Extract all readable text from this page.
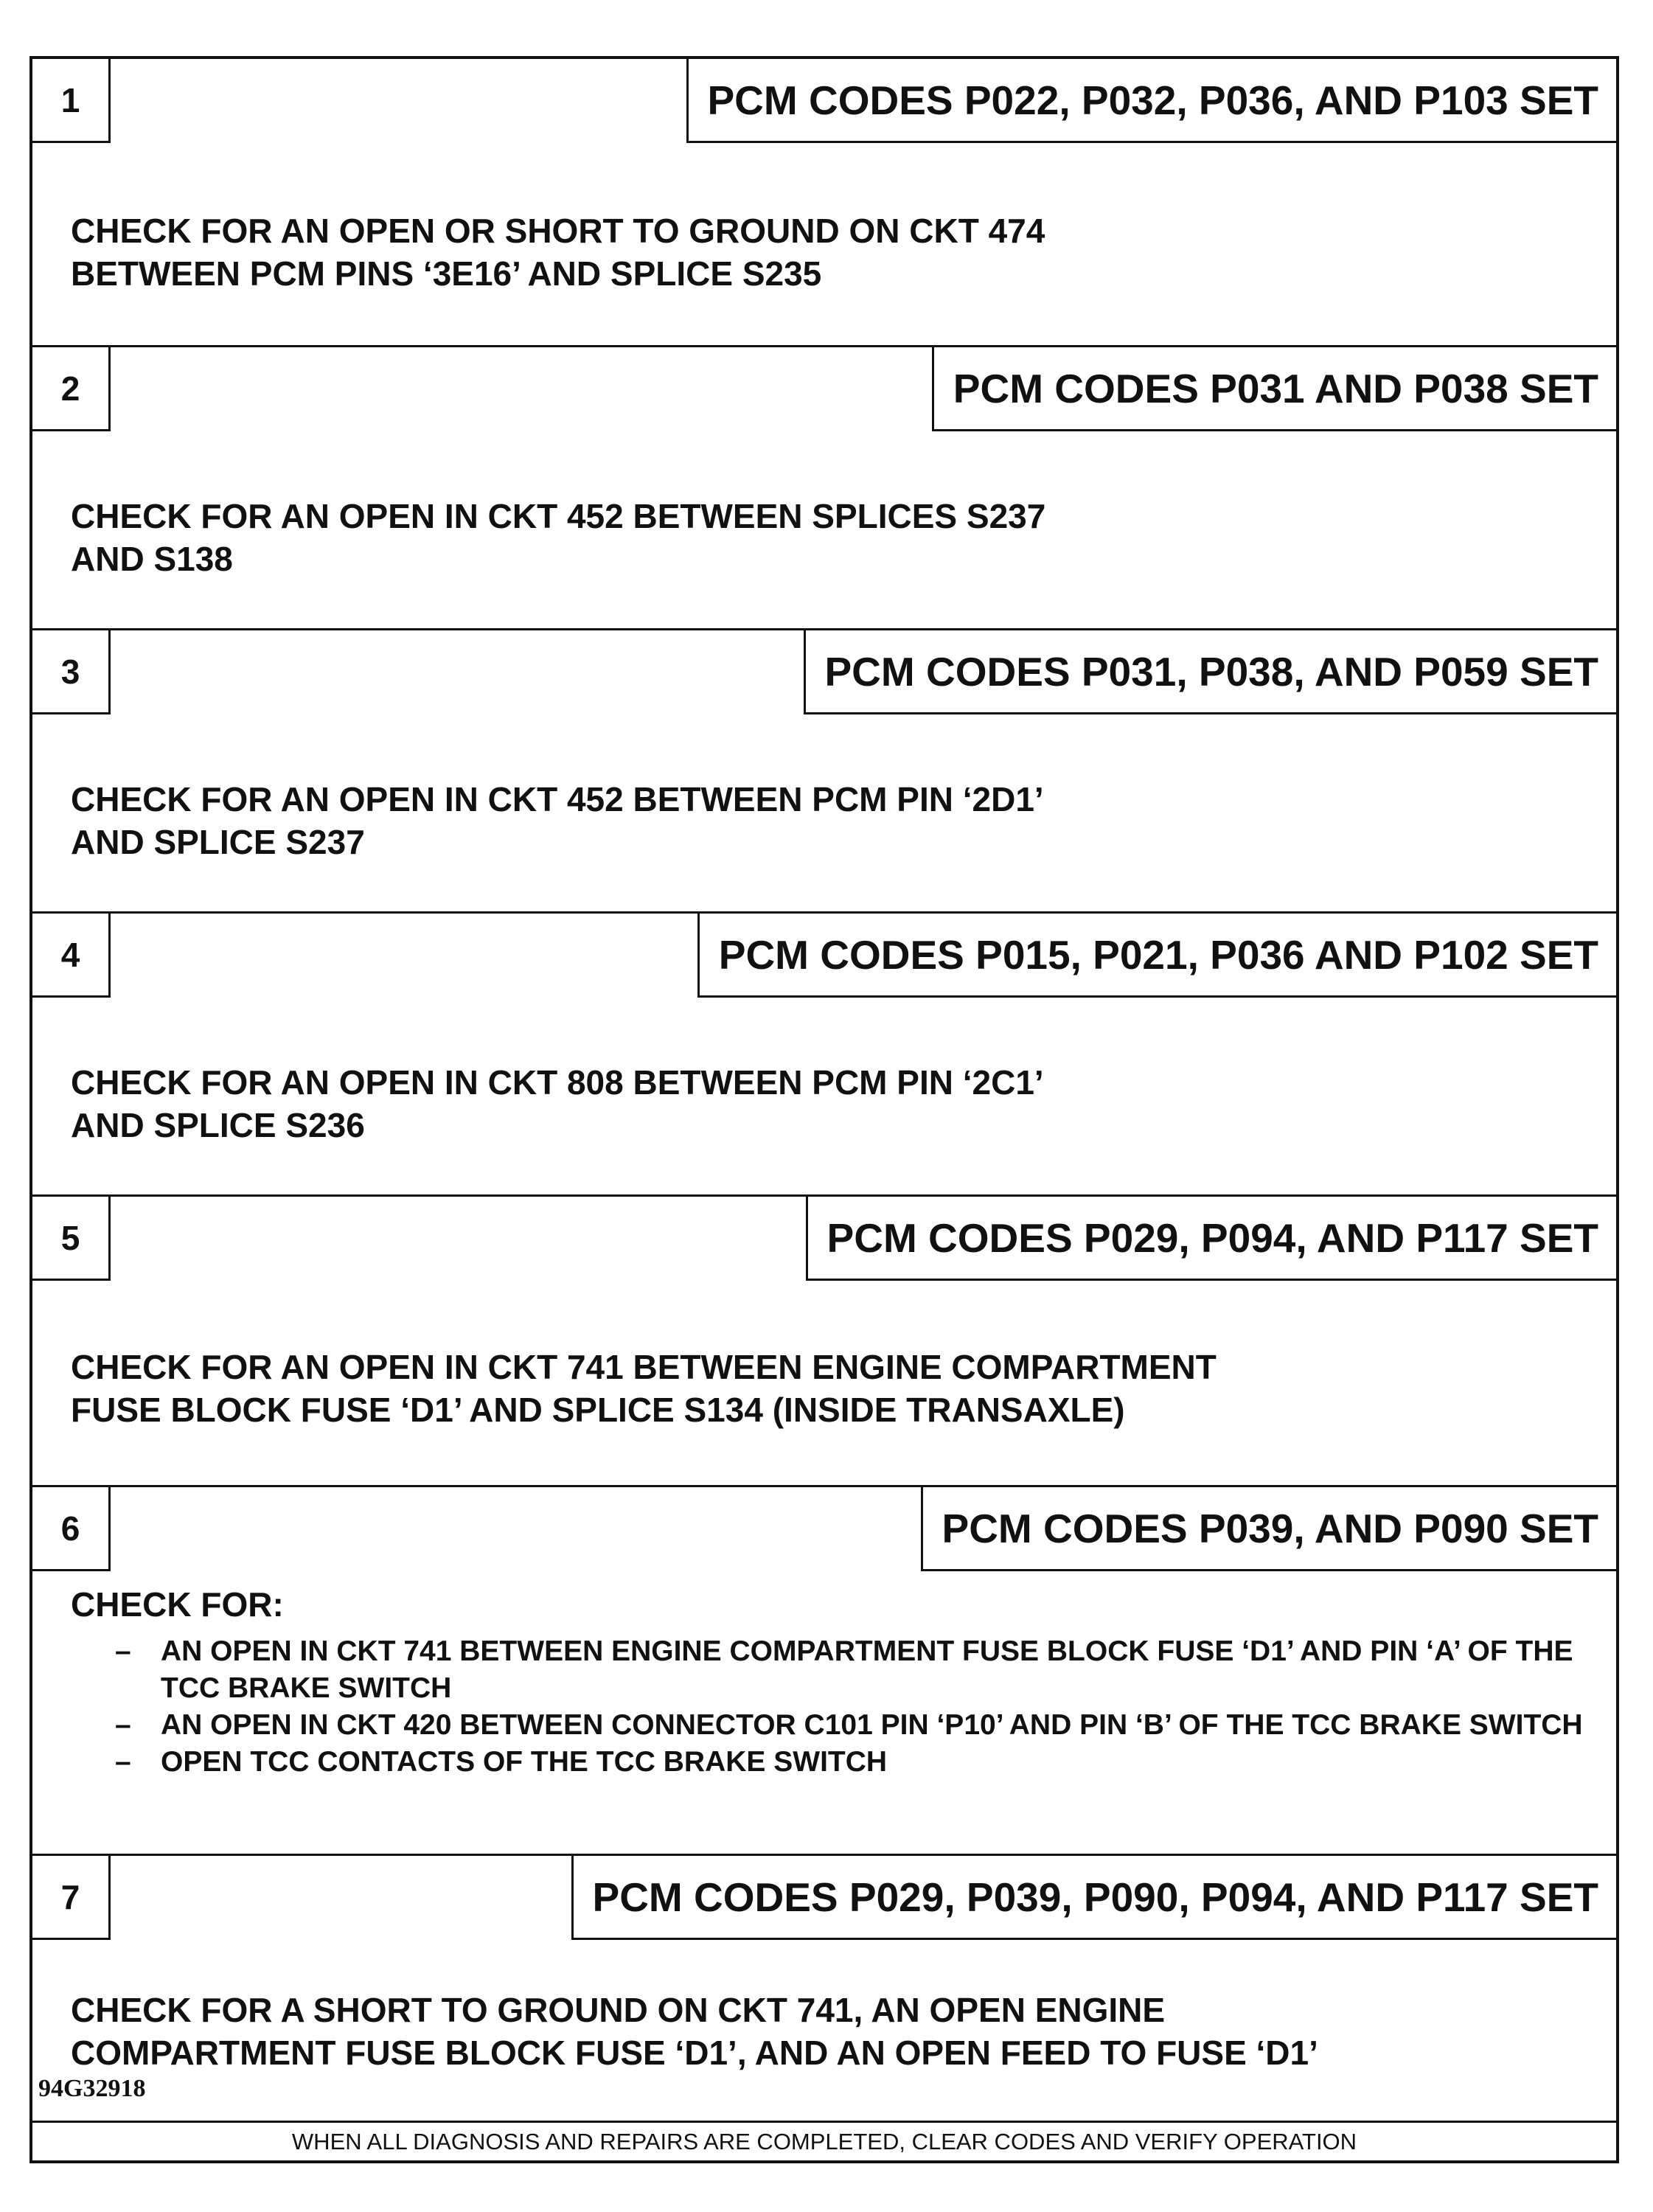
1	PCM CODES P022, P032, P036, AND P103 SET

CHECK FOR AN OPEN OR SHORT TO GROUND ON CKT 474

BETWEEN PCM PINS ‘3E16’ AND SPLICE S235

2	PCM CODES P031 AND P038 SET

CHECK FOR AN OPEN IN CKT 452 BETWEEN SPLICES S237

AND S138

3	PCM CODES P031, P038, AND P059 SET

CHECK FOR AN OPEN IN CKT 452 BETWEEN PCM PIN ‘2D1’

AND SPLICE S237

4	PCM CODES P015, P021, P036 AND P102 SET

CHECK FOR AN OPEN IN CKT 808 BETWEEN PCM PIN ‘2C1’

AND SPLICE S236

5	PCM CODES P029, P094, AND P117 SET

CHECK FOR AN OPEN IN CKT 741 BETWEEN ENGINE COMPARTMENT

FUSE BLOCK FUSE ‘D1’ AND SPLICE S134 (INSIDE TRANSAXLE)

6	PCM CODES P039, AND P090 SET

CHECK FOR:

– AN OPEN IN CKT 741 BETWEEN ENGINE COMPARTMENT FUSE BLOCK FUSE ‘D1’ AND PIN ‘A’ OF THE TCC BRAKE SWITCH
– AN OPEN IN CKT 420 BETWEEN CONNECTOR C101 PIN ‘P10’ AND PIN ‘B’ OF THE TCC BRAKE SWITCH
– OPEN TCC CONTACTS OF THE TCC BRAKE SWITCH
7	PCM CODES P029, P039, P090, P094, AND P117 SET

CHECK FOR A SHORT TO GROUND ON CKT 741, AN OPEN ENGINE

COMPARTMENT FUSE BLOCK FUSE ‘D1’, AND AN OPEN FEED TO FUSE ‘D1’

94G32918
WHEN ALL DIAGNOSIS AND REPAIRS ARE COMPLETED, CLEAR CODES AND VERIFY OPERATION
